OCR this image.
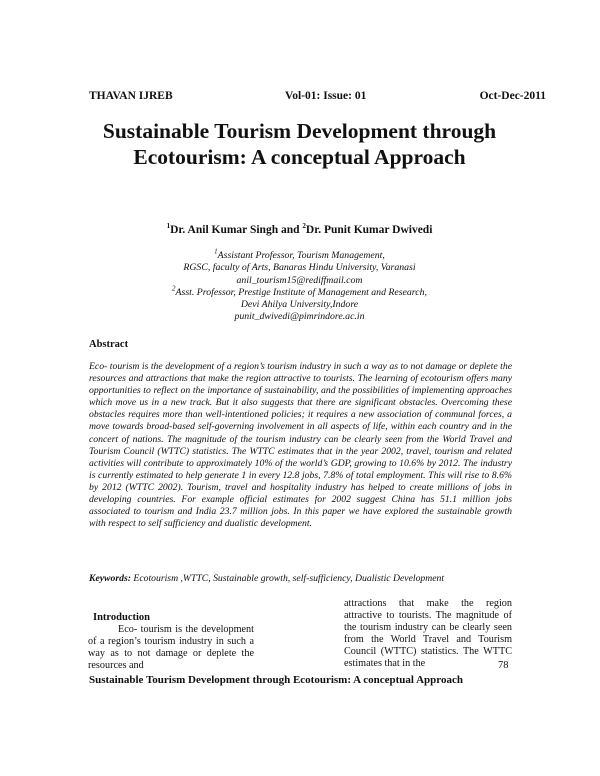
THAVAN IJREB	Vol-01: Issue: 01	Oct-Dec-2011
Sustainable Tourism Development through Ecotourism: A conceptual Approach
$^1$Dr. Anil Kumar Singh and $^2$Dr. Punit Kumar Dwivedi
$^1$Assistant Professor, Tourism Management,
RGSC, faculty of Arts, Banaras Hindu University, Varanasi
anil_tourism15@rediffmail.com
$^2$Asst. Professor, Prestige Institute of Management and Research,
Devi Ahilya University,Indore
punit_dwivedi@pimrindore.ac.in
Abstract
Eco- tourism is the development of a region’s tourism industry in such a way as to not damage or deplete the resources and attractions that make the region attractive to tourists. The learning of ecotourism offers many opportunities to reflect on the importance of sustainability, and the possibilities of implementing approaches which move us in a new track. But it also suggests that there are significant obstacles. Overcoming these obstacles requires more than well-intentioned policies; it requires a new association of communal forces, a move towards broad-based self-governing involvement in all aspects of life, within each country and in the concert of nations. The magnitude of the tourism industry can be clearly seen from the World Travel and Tourism Council (WTTC) statistics. The WTTC estimates that in the year 2002, travel, tourism and related activities will contribute to approximately 10% of the world’s GDP, growing to 10.6% by 2012. The industry is currently estimated to help generate 1 in every 12.8 jobs, 7.8% of total employment. This will rise to 8.6% by 2012 (WTTC 2002). Tourism, travel and hospitality industry has helped to create millions of jobs in developing countries. For example official estimates for 2002 suggest China has 51.1 million jobs associated to tourism and India 23.7 million jobs. In this paper we have explored the sustainable growth with respect to self sufficiency and dualistic development.
Keywords: Ecotourism ,WTTC, Sustainable growth, self-sufficiency, Dualistic Development
Introduction
Eco- tourism is the development of a region’s tourism industry in such a way as to not damage or deplete the resources and
attractions that make the region attractive to tourists. The magnitude of the tourism industry can be clearly seen from the World Travel and Tourism Council (WTTC) statistics. The WTTC estimates that in the	78
Sustainable Tourism Development through Ecotourism: A conceptual Approach
